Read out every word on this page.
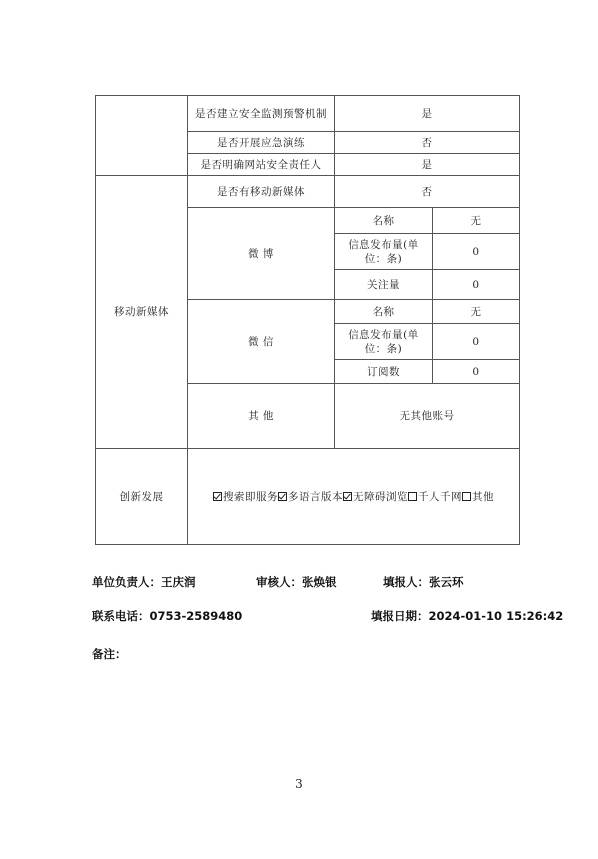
	是否建立安全监测预警机制	是	
	是否开展应急演练	否	
	是否明确网站安全责任人	是	
移动新媒体	是否有移动新媒体	否	
	微 博	名称	无
		信息发布量(单位：条)	0
		关注量	0
	微 信	名称	无
		信息发布量(单位：条)	0
		订阅数	0
	其 他	无其他账号	

创新发展	搜索即服务 多语言版本 无障碍浏览 千人千网 其他		
单位负责人：王庆润	审核人：张焕银	填报人：张云环
联系电话：0753-2589480	填报日期：2024-01-10 15:26:42
备注：
3
